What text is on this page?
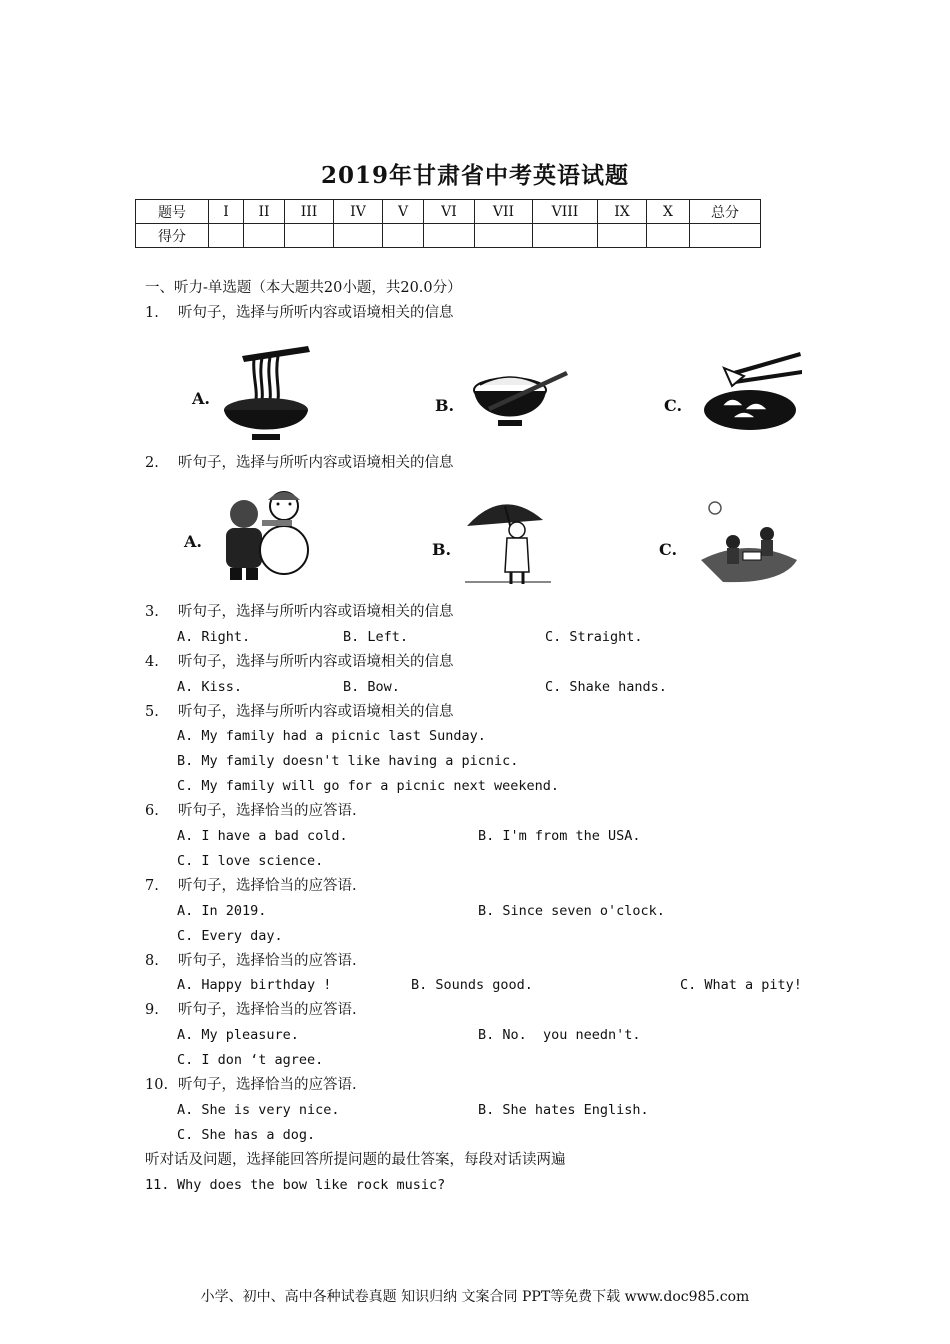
2019年甘肃省中考英语试题
题号	I	II	III	IV	V	VI	VII	VIII	IX	X	总分
得分											
一、听力-单选题（本大题共20小题，共20.0分）
1. 听句子，选择与所听内容或语境相关的信息
A.	B.	C.
2. 听句子，选择与所听内容或语境相关的信息
A.	B.	C.
3. 听句子，选择与所听内容或语境相关的信息
A. Right.	B. Left.	C. Straight.
4. 听句子，选择与所听内容或语境相关的信息
A. Kiss.	B. Bow.	C. Shake hands.
5. 听句子，选择与所听内容或语境相关的信息
A. My family had a picnic last Sunday.
B. My family doesn't like having a picnic.
C. My family will go for a picnic next weekend.
6. 听句子，选择恰当的应答语.
A. I have a bad cold.	B. I'm from the USA.
C. I love science.
7. 听句子，选择恰当的应答语.
A. In 2019.	B. Since seven o'clock.
C. Every day.
8. 听句子，选择恰当的应答语.
A. Happy birthday !	B. Sounds good.	C. What a pity!
9. 听句子，选择恰当的应答语.
A. My pleasure.	B. No.  you needn't.
C. I don ‘t agree.
10. 听句子，选择恰当的应答语.
A. She is very nice.	B. She hates English.
C. She has a dog.
听对话及问题，选择能回答所提问题的最仕答案，每段对话读两遍
11. Why does the bow like rock music?
小学、初中、高中各种试卷真题 知识归纳 文案合同 PPT等免费下载 www.doc985.com
